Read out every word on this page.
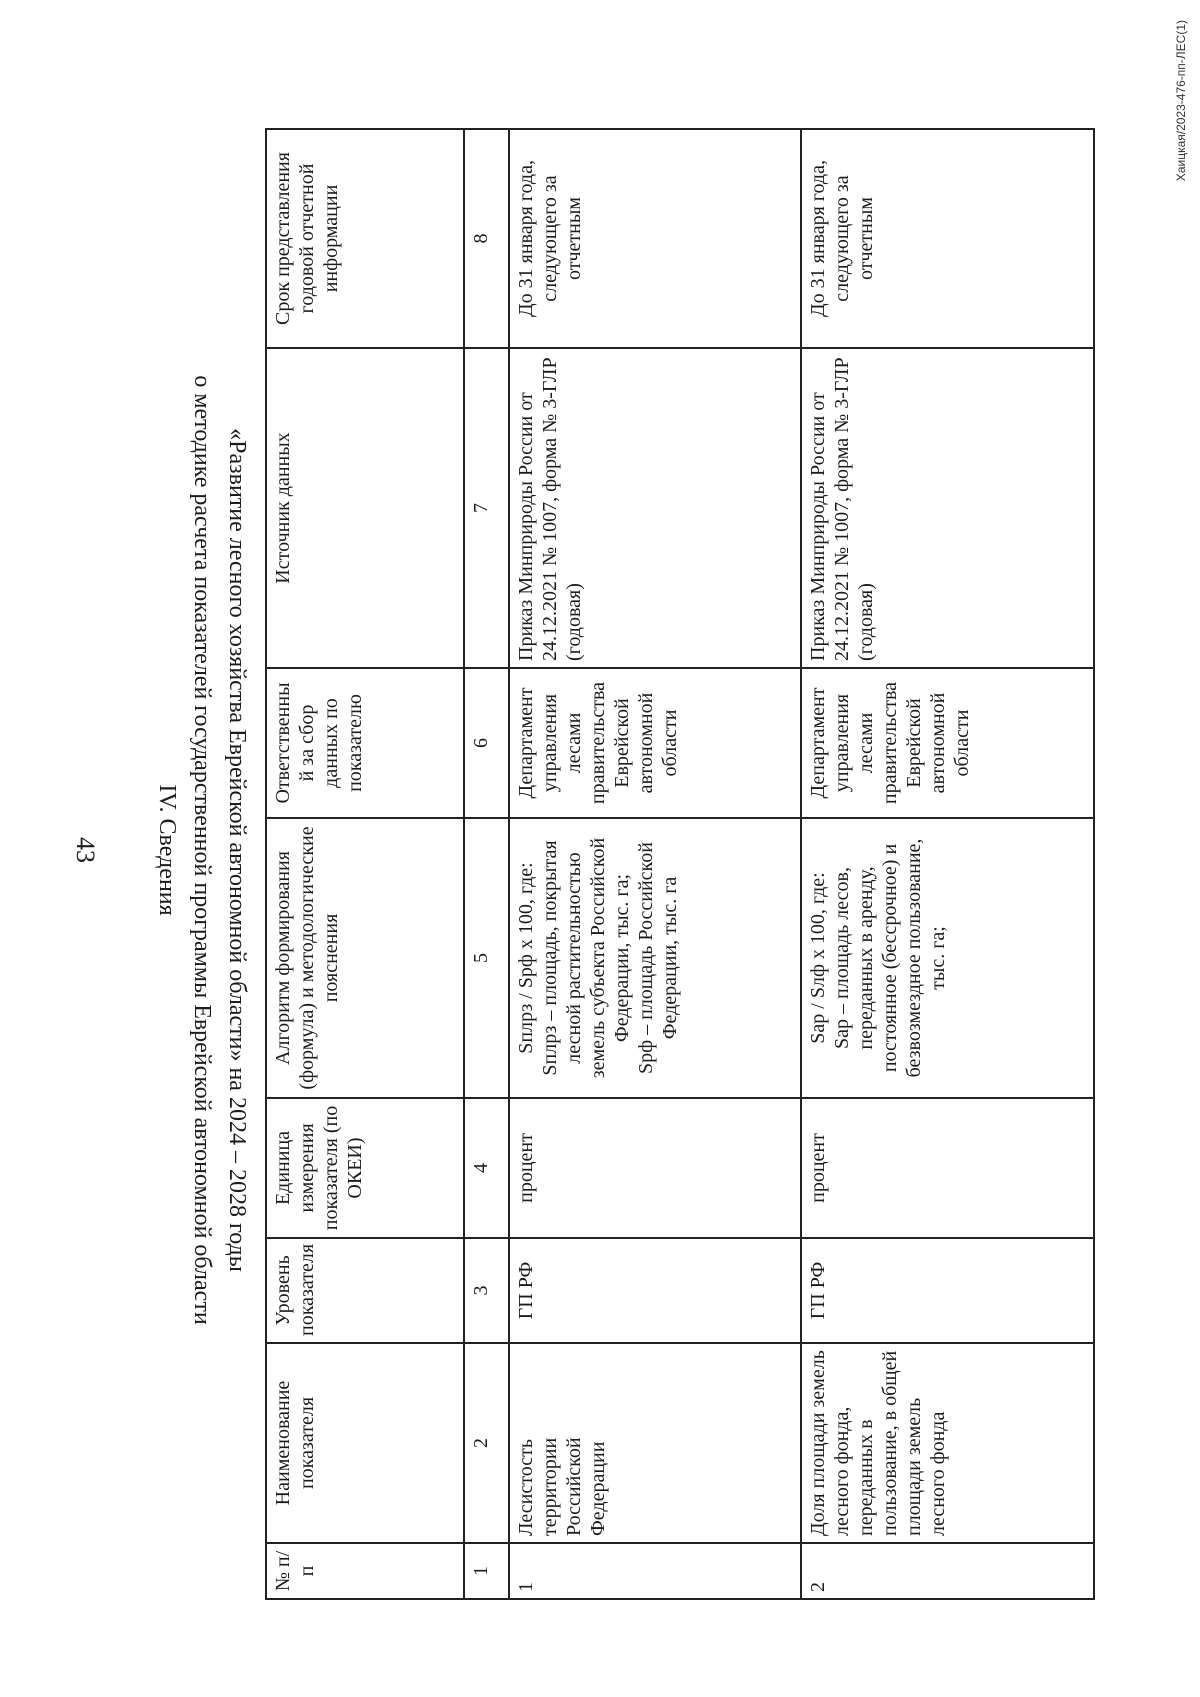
43 IV. Сведения о методике расчета показателей государственной программы Еврейской автономной области «Развитие лесного хозяйства Еврейской автономной области» на 2024 – 2028 годы
№ п/п	Наименование показателя	Уровень показателя	Единица измерения показателя (по ОКЕИ)	Алгоритм формирования (формула) и методологические пояснения	Ответственны й за сбор данных по показателю	Источник данных	Срок представления годовой отчетной информации
1	2	3	4	5	6	7	8
1	Лесистость территории Российской Федерации	ГП РФ	процент	Sплрз / Sрф x 100, где: Sплрз – площадь, покрытая лесной растительностью земель субъекта Российской Федерации, тыс. га; Sрф – площадь Российской Федерации, тыс. га	Департамент управления лесами правительства Еврейской автономной области	Приказ Минприроды России от 24.12.2021 № 1007, форма № 3-ГЛР (годовая)	До 31 января года, следующего за отчетным
2	Доля площади земель лесного фонда, переданных в пользование, в общей площади земель лесного фонда	ГП РФ	процент	Sар / Sлф x 100, где: Sар – площадь лесов, переданных в аренду, постоянное (бессрочное) и безвозмездное пользование, тыс. га;	Департамент управления лесами правительства Еврейской автономной области	Приказ Минприроды России от 24.12.2021 № 1007, форма № 3-ГЛР (годовая)	До 31 января года, следующего за отчетным
Хаицкая/2023-476-пп-ЛЕС(1)
